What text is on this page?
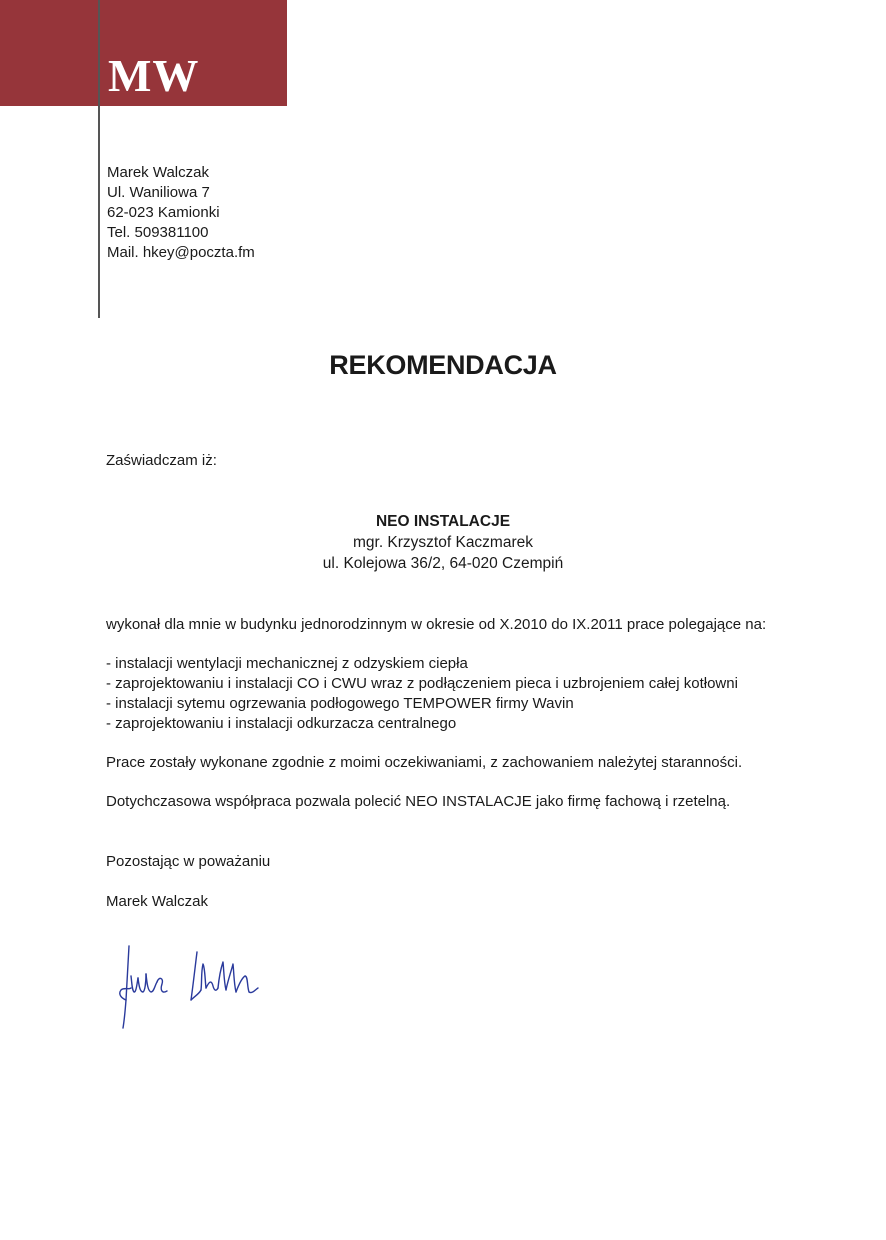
MW
Marek Walczak
Ul. Waniliowa 7
62-023 Kamionki
Tel. 509381100
Mail. hkey@poczta.fm
REKOMENDACJA
Zaświadczam iż:
NEO INSTALACJE
mgr. Krzysztof Kaczmarek
ul. Kolejowa 36/2, 64-020 Czempiń
wykonał dla mnie w budynku jednorodzinnym w okresie od X.2010 do IX.2011 prace polegające na:
- instalacji wentylacji mechanicznej z odzyskiem ciepła
- zaprojektowaniu i instalacji CO i CWU wraz z podłączeniem pieca i uzbrojeniem całej kotłowni
- instalacji sytemu ogrzewania podłogowego TEMPOWER firmy Wavin
- zaprojektowaniu i instalacji odkurzacza centralnego
Prace zostały wykonane zgodnie z moimi oczekiwaniami, z zachowaniem należytej staranności.
Dotychczasowa współpraca pozwala polecić NEO INSTALACJE jako firmę fachową i rzetelną.
Pozostając w poważaniu
Marek Walczak
